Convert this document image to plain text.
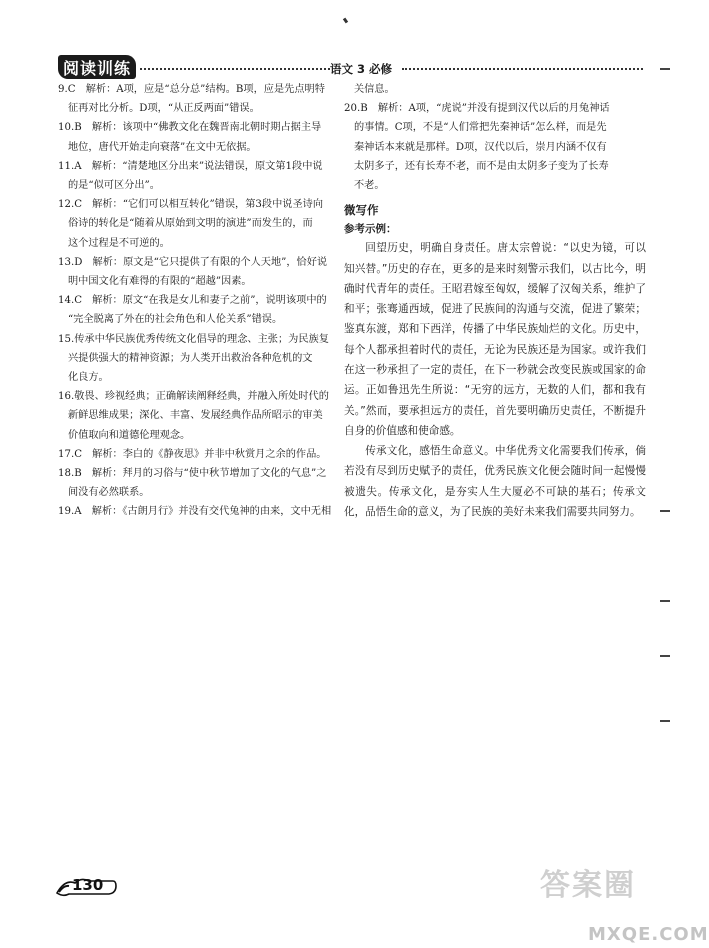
阅读训练	语文 3 必修
9.C　解析：A项，应是“总分总”结构。B项，应是先点明特
征再对比分析。D项，“从正反两面”错误。
10.B　解析：该项中“佛教文化在魏晋南北朝时期占据主导
地位，唐代开始走向衰落”在文中无依据。
11.A　解析：“清楚地区分出来”说法错误，原文第1段中说
的是“似可区分出”。
12.C　解析：“它们可以相互转化”错误，第3段中说圣诗向
俗诗的转化是“随着从原始到文明的演进”而发生的，而
这个过程是不可逆的。
13.D　解析：原文是“它只提供了有限的个人天地”，恰好说
明中国文化有难得的有限的“超越”因素。
14.C　解析：原文“在我是女儿和妻子之前”，说明该项中的
“完全脱离了外在的社会角色和人伦关系”错误。
15.传承中华民族优秀传统文化倡导的理念、主张；为民族复
兴提供强大的精神资源；为人类开出救治各种危机的文
化良方。
16.敬畏、珍视经典；正确解读阐释经典，并融入所处时代的
新鲜思维成果；深化、丰富、发展经典作品所昭示的审美
价值取向和道德伦理观念。
17.C　解析：李白的《静夜思》并非中秋赏月之余的作品。
18.B　解析：拜月的习俗与“使中秋节增加了文化的气息”之
间没有必然联系。
19.A　解析：《古朗月行》并没有交代兔神的由来，文中无相
关信息。
20.B　解析：A项，“虎说”并没有提到汉代以后的月兔神话
的事情。C项，不是“人们常把先秦神话”怎么样，而是先
秦神话本来就是那样。D项，汉代以后，崇月内涵不仅有
太阴多子，还有长寿不老，而不是由太阴多子变为了长寿
不老。
微写作
参考示例：

回望历史，明确自身责任。唐太宗曾说：“以史为镜，可以知兴替。”历史的存在，更多的是来时刻警示我们，以古比今，明确时代青年的责任。王昭君嫁至匈奴，缓解了汉匈关系，维护了和平；张骞通西域，促进了民族间的沟通与交流，促进了繁荣；鉴真东渡，郑和下西洋，传播了中华民族灿烂的文化。历史中，每个人都承担着时代的责任，无论为民族还是为国家。或许我们在这一秒承担了一定的责任，在下一秒就会改变民族或国家的命运。正如鲁迅先生所说：“无穷的远方，无数的人们，都和我有关。”然而，要承担远方的责任，首先要明确历史责任，不断提升自身的价值感和使命感。

传承文化，感悟生命意义。中华优秀文化需要我们传承，倘若没有尽到历史赋予的责任，优秀民族文化便会随时间一起慢慢被遗失。传承文化，是夯实人生大厦必不可缺的基石；传承文化，品悟生命的意义，为了民族的美好未来我们需要共同努力。

130	答案圈
MXQE.COM
